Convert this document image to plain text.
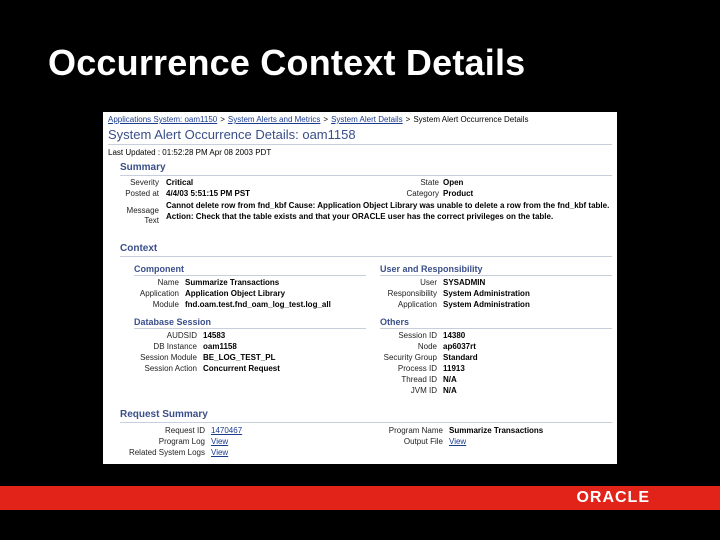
Occurrence Context Details
Applications System: oam1150 > System Alerts and Metrics > System Alert Details > System Alert Occurrence Details
System Alert Occurrence Details: oam1158
Last Updated : 01:52:28 PM Apr 08 2003 PDT
Summary
Severity Critical
Posted at 4/4/03 5:51:15 PM PST
State Open
Category Product
Message
Text
Cannot delete row from fnd_kbf Cause: Application Object Library was unable to delete a row from the fnd_kbf table. Action: Check that the table exists and that your ORACLE user has the correct privileges on the table.
Context
Component
Name Summarize Transactions
Application Application Object Library
Module fnd.oam.test.fnd_oam_log_test.log_all
User and Responsibility
User SYSADMIN
Responsibility System Administration
Application System Administration
Database Session
AUDSID 14583
DB Instance oam1158
Session Module BE_LOG_TEST_PL
Session Action Concurrent Request
Others
Session ID 14380
Node ap6037rt
Security Group Standard
Process ID 11913
Thread ID N/A
JVM ID N/A
Request Summary
Request ID 1470467
Program Log View
Related System Logs View
Program Name Summarize Transactions
Output File View
ORACLE
